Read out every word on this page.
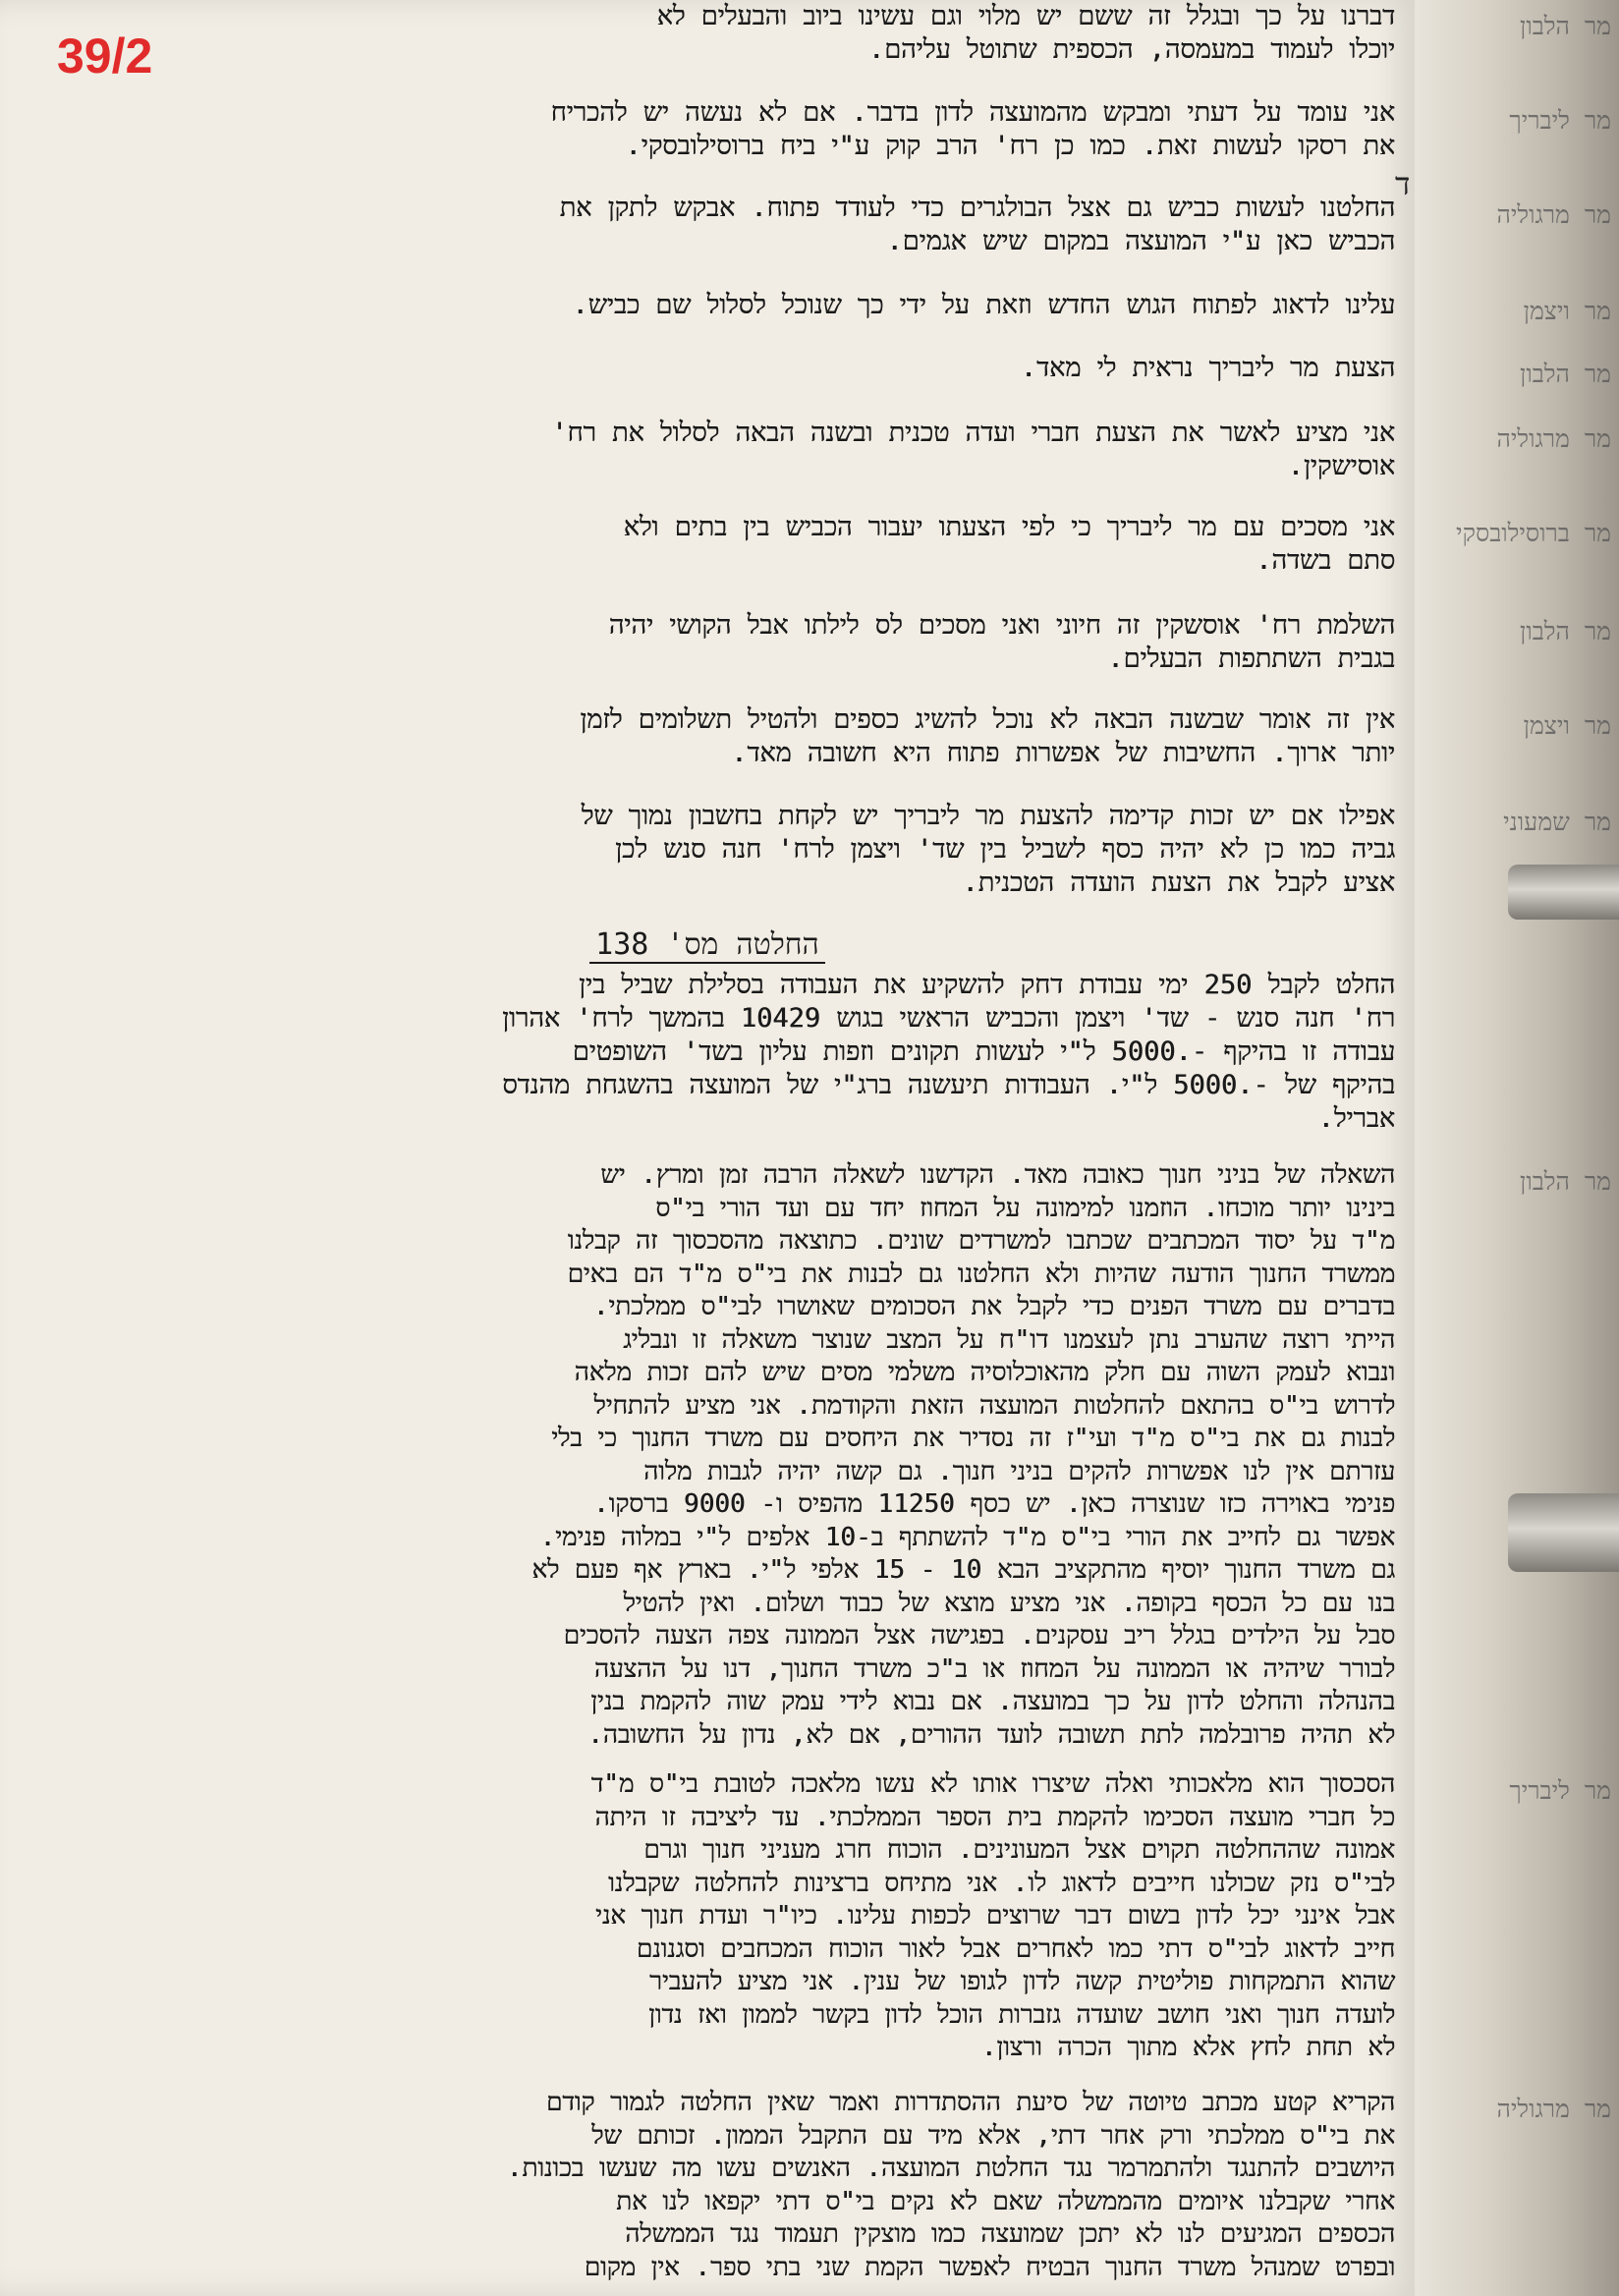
39/2
ד
מר הלבון
דברנו על כך ובגלל זה ששם יש מלוי וגם עשינו ביוב והבעלים לא
יוכלו לעמוד במעמסה, הכספית שתוטל עליהם.
מר ליבריך
אני עומד על דעתי ומבקש מהמועצה לדון בדבר. אם לא נעשה יש להכריח
את רסקו לעשות זאת. כמו כן רח' הרב קוק ע"י ביח ברוסילובסקי.
מר מרגוליה
החלטנו לעשות כביש גם אצל הבולגרים כדי לעודד פתוח. אבקש לתקן את
הכביש כאן ע"י המועצה במקום שיש אגמים.
מר ויצמן
עלינו לדאוג לפתוח הגוש החדש וזאת על ידי כך שנוכל לסלול שם כביש.
מר הלבון
הצעת מר ליבריך נראית לי מאד.
מר מרגוליה
אני מציע לאשר את הצעת חברי ועדה טכנית ובשנה הבאה לסלול את רח'
אוסישקין.
מר ברוסילובסקי
אני מסכים עם מר ליבריך כי לפי הצעתו יעבור הכביש בין בתים ולא
סתם בשדה.
מר הלבון
השלמת רח' אוסשקין זה חיוני ואני מסכים לס לילתו אבל הקושי יהיה
בגבית השתתפות הבעלים.
מר ויצמן
אין זה אומר שבשנה הבאה לא נוכל להשיג כספים ולהטיל תשלומים לזמן
יותר ארוך. החשיבות של אפשרות פתוח היא חשובה מאד.
מר שמעוני
אפילו אם יש זכות קדימה להצעת מר ליבריך יש לקחת בחשבון נמוך של
גביה כמו כן לא יהיה כסף לשביל בין שד' ויצמן לרח' חנה סנש לכן
אציע לקבל את הצעת הועדה הטכנית.
החלטה מס' 138
החלט לקבל 250 ימי עבודת דחק להשקיע את העבודה בסלילת שביל בין
רח' חנה סנש - שד' ויצמן והכביש הראשי בגוש 10429 בהמשך לרח' אהרון
עבודה זו בהיקף -.5000 ל"י לעשות תקונים וזפות עליון בשד' השופטים
בהיקף של -.5000 ל"י. העבודות תיעשנה ברג"י של המועצה בהשגחת מהנדס
אבריל.
מר הלבון
השאלה של בניני חנוך כאובה מאד. הקדשנו לשאלה הרבה זמן ומרץ. יש
בינינו יותר מוכחו. הוזמנו למימונה על המחוז יחד עם ועד הורי בי"ס
מ"ד על יסוד המכתבים שכתבו למשרדים שונים. כתוצאה מהסכסוך זה קבלנו
ממשרד החנוך הודעה שהיות ולא החלטנו גם לבנות את בי"ס מ"ד הם באים
בדברים עם משרד הפנים כדי לקבל את הסכומים שאושרו לבי"ס ממלכתי.
הייתי רוצה שהערב נתן לעצמנו דו"ח על המצב שנוצר משאלה זו ונבליג
ונבוא לעמק השוה עם חלק מהאוכלוסיה משלמי מסים שיש להם זכות מלאה
לדרוש בי"ס בהתאם להחלטות המועצה הזאת והקודמת. אני מציע להתחיל
לבנות גם את בי"ס מ"ד ועי"ז זה נסדיר את היחסים עם משרד החנוך כי בלי
עזרתם אין לנו אפשרות להקים בניני חנוך. גם קשה יהיה לגבות מלוה
פנימי באוירה כזו שנוצרה כאן. יש כסף 11250 מהפיס ו- 9000 ברסקו.
אפשר גם לחייב את הורי בי"ס מ"ד להשתתף ב-10 אלפים ל"י במלוה פנימי.
גם משרד החנוך יוסיף מהתקציב הבא 10 - 15 אלפי ל"י. בארץ אף פעם לא
בנו עם כל הכסף בקופה. אני מציע מוצא של כבוד ושלום. ואין להטיל
סבל על הילדים בגלל ריב עסקנים. בפגישה אצל הממונה צפה הצעה להסכים
לבורר שיהיה או הממונה על המחוז או ב"כ משרד החנוך, דנו על ההצעה
בהנהלה והחלט לדון על כך במועצה. אם נבוא לידי עמק שוה להקמת בנין
לא תהיה פרובלמה לתת תשובה לועד ההורים, אם לא, נדון על החשובה.
מר ליבריך
הסכסוך הוא מלאכותי ואלה שיצרו אותו לא עשו מלאכה לטובת בי"ס מ"ד
כל חברי מועצה הסכימו להקמת בית הספר הממלכתי. עד ליציבה זו היתה
אמונה שההחלטה תקוים אצל המעונינים. הוכוח חרג מעניני חנוך וגרם
לבי"ס נזק שכולנו חייבים לדאוג לו. אני מתיחס ברצינות להחלטה שקבלנו
אבל אינני יכל לדון בשום דבר שרוצים לכפות עלינו. כיו"ר ועדת חנוך אני
חייב לדאוג לבי"ס דתי כמו לאחרים אבל לאור הוכוח המכחבים וסגנונם
שהוא התמקחות פוליטית קשה לדון לגופו של ענין. אני מציע להעביר
לועדה חנוך ואני חושב שועדה גזברות הוכל לדון בקשר לממון ואז נדון
לא תחת לחץ אלא מתוך הכרה ורצון.
מר מרגוליה
הקריא קטע מכתב טיוטה של סיעת ההסתדרות ואמר שאין החלטה לגמור קודם
את בי"ס ממלכתי ורק אחר דתי, אלא מיד עם התקבל הממון. זכותם של
היושבים להתנגד ולהתמרמר נגד החלטת המועצה. האנשים עשו מה שעשו בכונות.
אחרי שקבלנו איומים מהממשלה שאם לא נקים בי"ס דתי יקפאו לנו את
הכספים המגיעים לנו לא יתכן שמועצה כמו מוצקין תעמוד נגד הממשלה
ובפרט שמנהל משרד החנוך הבטיח לאפשר הקמת שני בתי ספר. אין מקום
